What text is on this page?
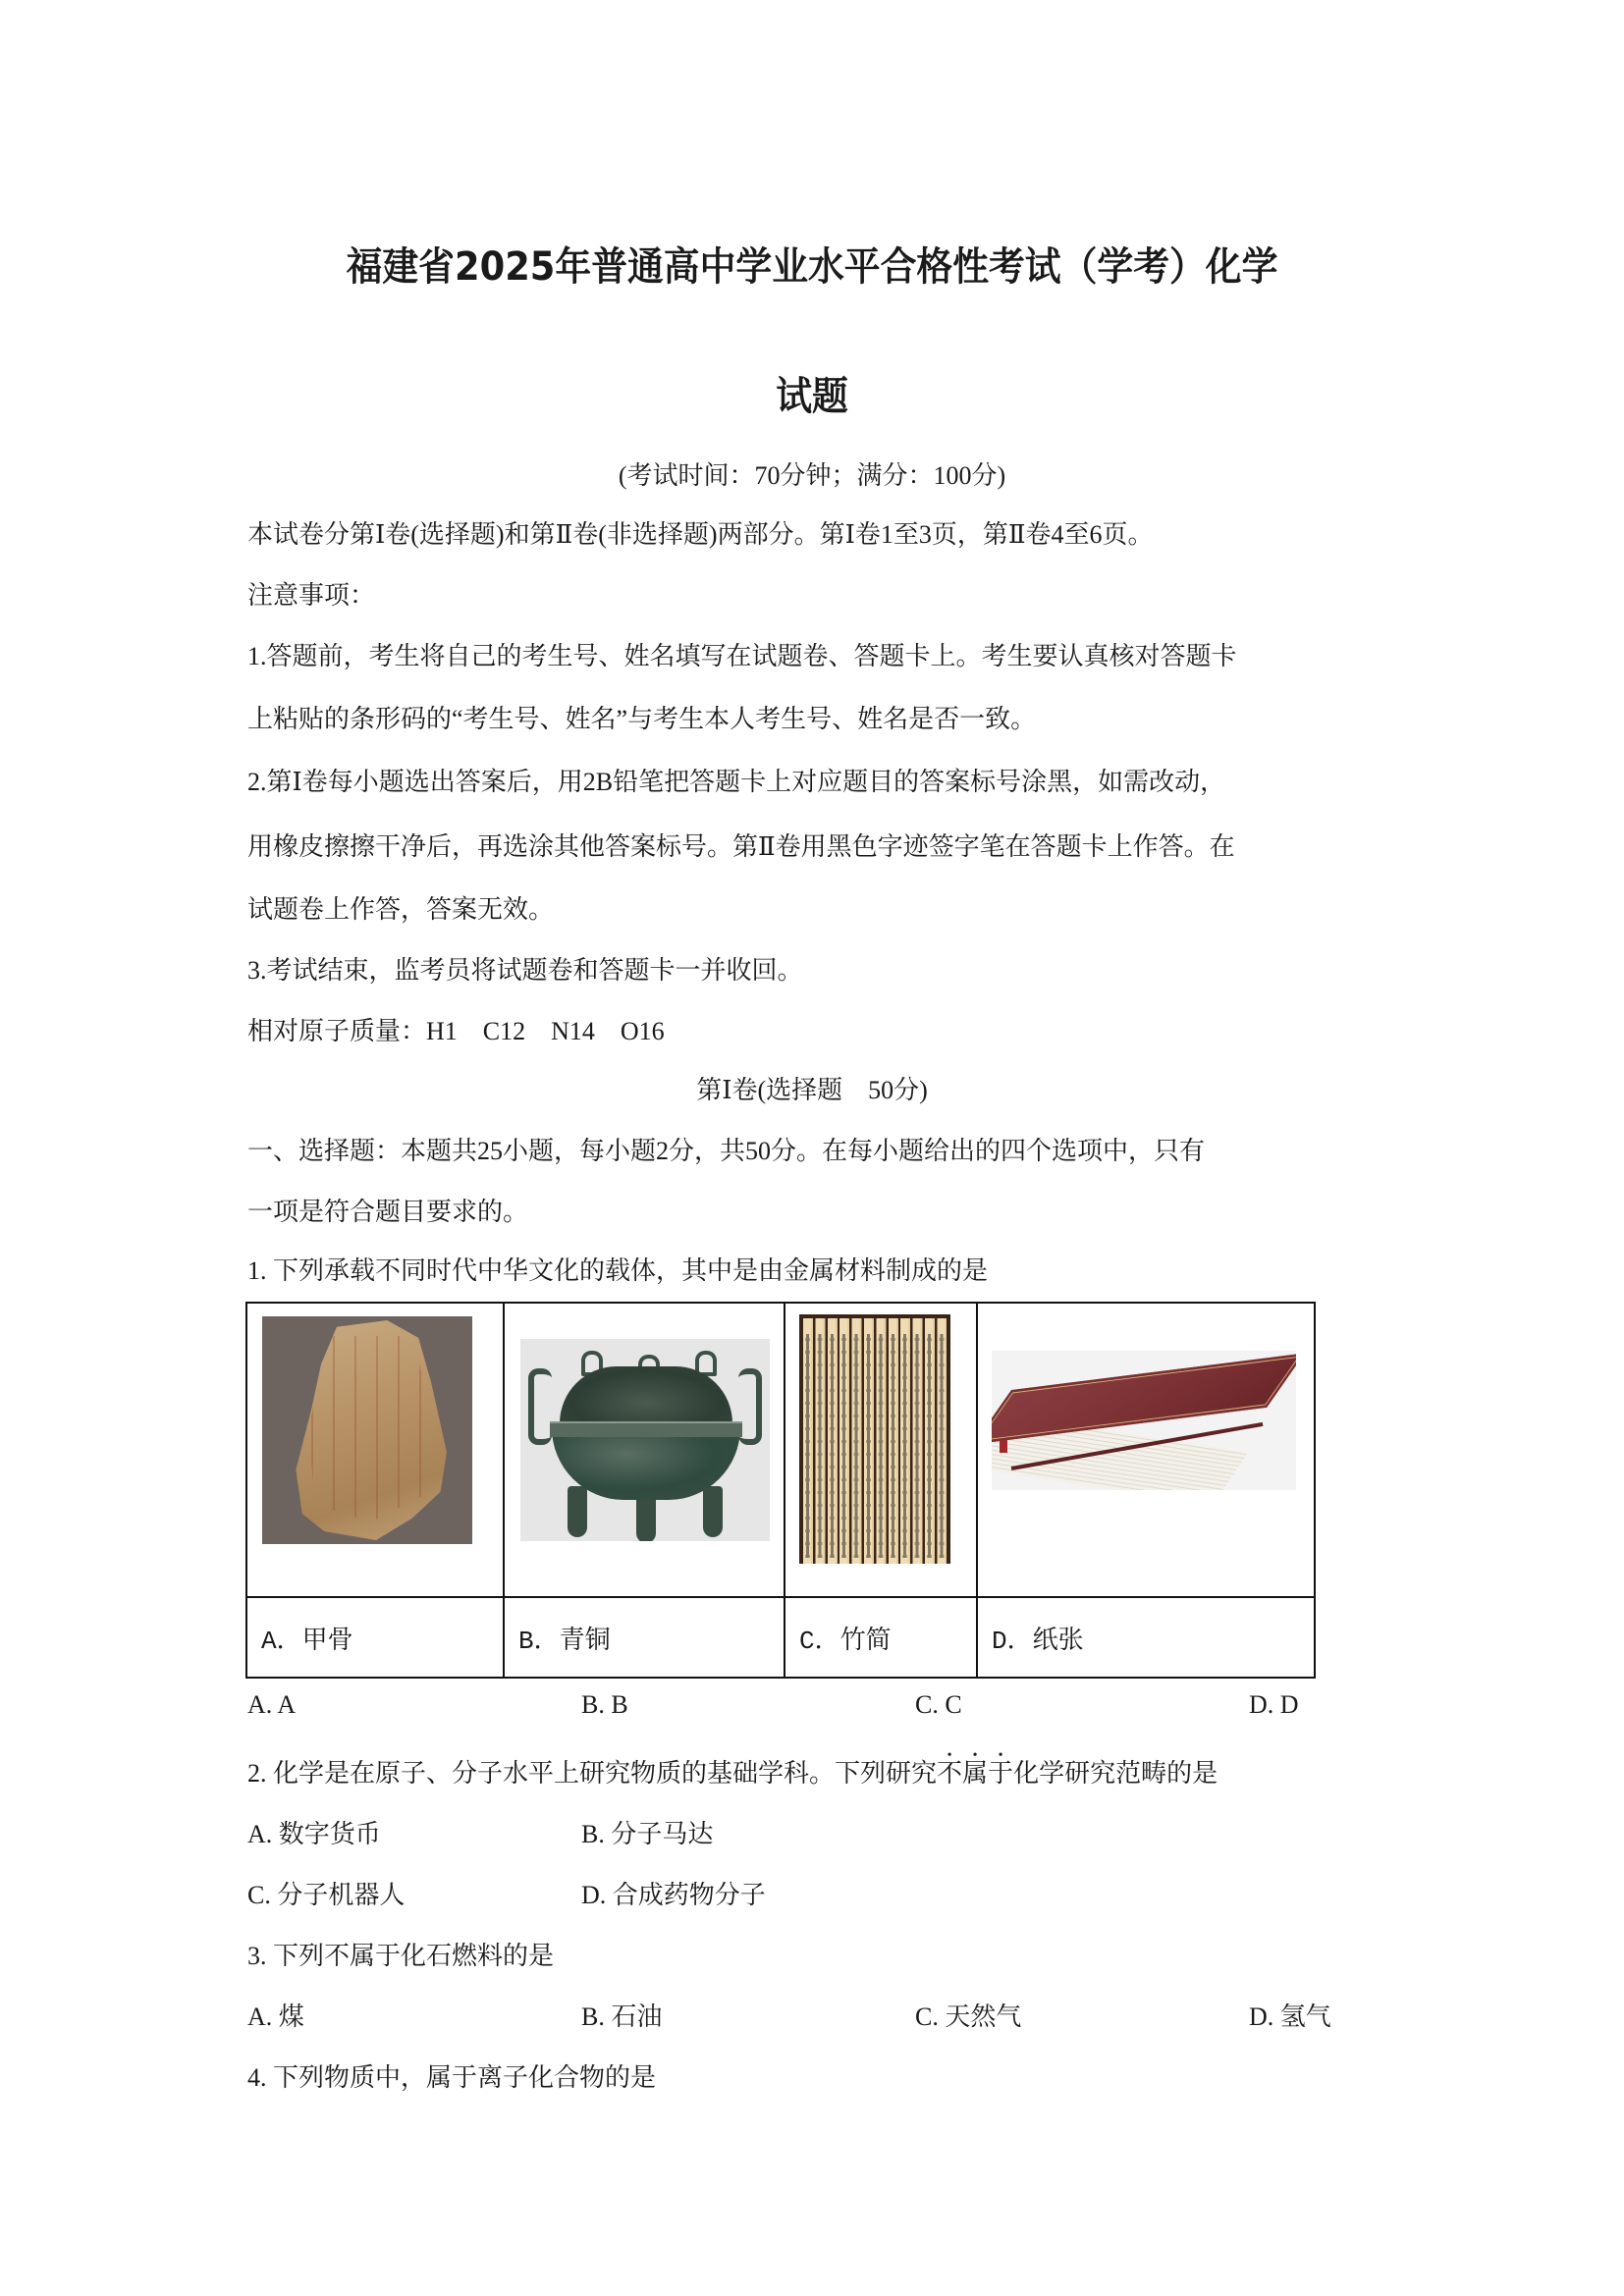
福建省2025年普通高中学业水平合格性考试（学考）化学
试题
(考试时间：70分钟；满分：100分)
本试卷分第Ⅰ卷(选择题)和第Ⅱ卷(非选择题)两部分。第Ⅰ卷1至3页，第Ⅱ卷4至6页。
注意事项：
1.答题前，考生将自己的考生号、姓名填写在试题卷、答题卡上。考生要认真核对答题卡
上粘贴的条形码的“考生号、姓名”与考生本人考生号、姓名是否一致。
2.第Ⅰ卷每小题选出答案后，用2B铅笔把答题卡上对应题目的答案标号涂黑，如需改动，
用橡皮擦擦干净后，再选涂其他答案标号。第Ⅱ卷用黑色字迹签字笔在答题卡上作答。在
试题卷上作答，答案无效。
3.考试结束，监考员将试题卷和答题卡一并收回。
相对原子质量：H1　C12　N14　O16
第Ⅰ卷(选择题　50分)
一、选择题：本题共25小题，每小题2分，共50分。在每小题给出的四个选项中，只有
一项是符合题目要求的。
1. 下列承载不同时代中华文化的载体，其中是由金属材料制成的是

A．甲骨	B．青铜	C．竹简	D．纸张
A. A	B. B	C. C	D. D
2. 化学是在原子、分子水平上研究物质的基础学科。下列研究不属于化学研究范畴的是
A. 数字货币	B. 分子马达
C. 分子机器人	D. 合成药物分子
3. 下列不属于化石燃料的是
A. 煤	B. 石油	C. 天然气	D. 氢气
4. 下列物质中，属于离子化合物的是
